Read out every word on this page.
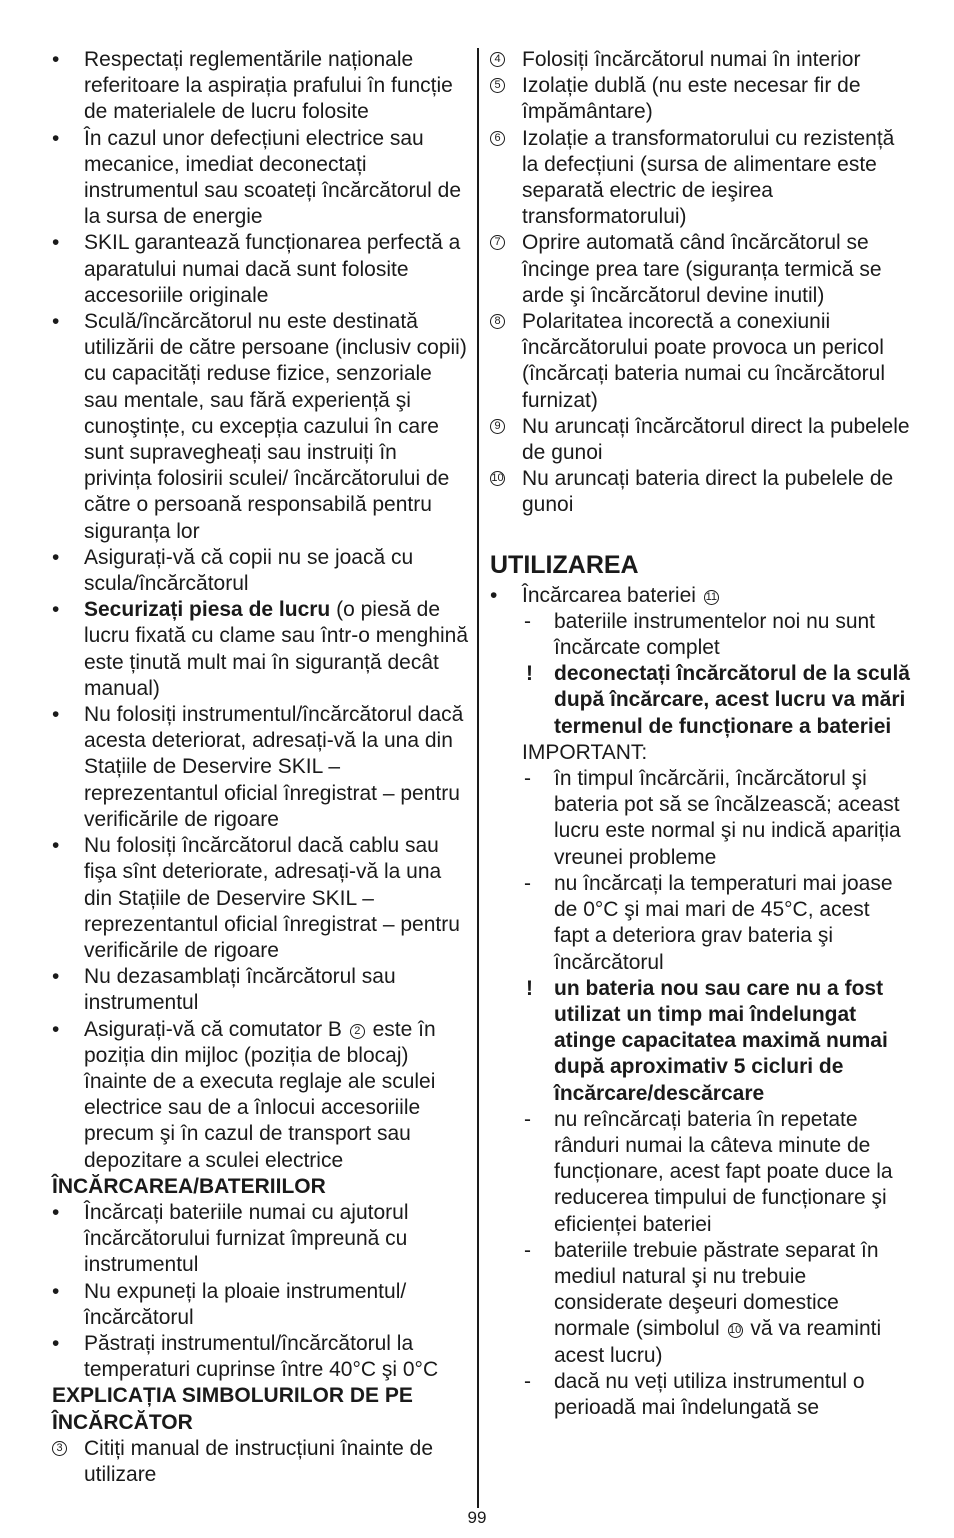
•	Respectați reglementările naționale referitoare la aspirația prafului în funcție de materialele de lucru folosite
•	În cazul unor defecțiuni electrice sau mecanice, imediat deconectați instrumentul sau scoateți încărcătorul de la sursa de energie
•	SKIL garantează funcționarea perfectă a aparatului numai dacă sunt folosite accesoriile originale
•	Sculă/încărcătorul nu este destinată utilizării de către persoane (inclusiv copii) cu capacități reduse fizice, senzoriale sau mentale, sau fără experiență şi cunoştințe, cu excepția cazului în care sunt supravegheați sau instruiți în privința folosirii sculei/ încărcătorului de către o persoană responsabilă pentru siguranța lor
•	Asigurați-vă că copii nu se joacă cu scula/încărcătorul
•	Securizați piesa de lucru (o piesă de lucru fixată cu clame sau într-o menghină este ținută mult mai în siguranță decât manual)
•	Nu folosiți instrumentul/încărcătorul dacă acesta deteriorat, adresați-vă la una din Stațiile de Deservire SKIL – reprezentantul oficial înregistrat – pentru verificările de rigoare
•	Nu folosiți încărcătorul dacă cablu sau fişa sînt deteriorate, adresați-vă la una din Stațiile de Deservire SKIL – reprezentantul oficial înregistrat – pentru verificările de rigoare
•	Nu dezasamblați încărcătorul sau instrumentul
•	Asigurați-vă că comutator B 2 este în poziția din mijloc (poziția de blocaj) înainte de a executa reglaje ale sculei electrice sau de a înlocui accesoriile precum şi în cazul de transport sau depozitare a sculei electrice
ÎNCĂRCAREA/BATERIILOR
•	Încărcați bateriile numai cu ajutorul încărcătorului furnizat împreună cu instrumentul
•	Nu expuneți la ploaie instrumentul/ încărcătorul
•	Păstrați instrumentul/încărcătorul la temperaturi cuprinse între 40°C şi 0°C
EXPLICAȚIA SIMBOLURILOR DE PE ÎNCĂRCĂTOR
3 Citiți manual de instrucțiuni înainte de utilizare
4 Folosiți încărcătorul numai în interior
5 Izolație dublă (nu este necesar fir de împământare)
6 Izolație a transformatorului cu rezistență la defecțiuni (sursa de alimentare este separată electric de ieşirea transformatorului)
7 Oprire automată când încărcătorul se încinge prea tare (siguranța termică se arde şi încărcătorul devine inutil)
8 Polaritatea incorectă a conexiunii încărcătorului poate provoca un pericol (încărcați bateria numai cu încărcătorul furnizat)
9 Nu aruncați încărcătorul direct la pubelele de gunoi
10 Nu aruncați bateria direct la pubelele de gunoi
UTILIZAREA
•	Încărcarea bateriei 11
-	bateriile instrumentelor noi nu sunt încărcate complet
!	deconectați încărcătorul de la sculă după încărcare, acest lucru va mări termenul de funcționare a bateriei
IMPORTANT:
-	în timpul încărcării, încărcătorul şi bateria pot să se încălzească; aceast lucru este normal şi nu indică apariția vreunei probleme
-	nu încărcați la temperaturi mai joase de 0°C şi mai mari de 45°C, acest fapt a deteriora grav bateria şi încărcătorul
!	un bateria nou sau care nu a fost utilizat un timp mai îndelungat atinge capacitatea maximă numai după aproximativ 5 cicluri de încărcare/descărcare
-	nu reîncărcați bateria în repetate rânduri numai la câteva minute de funcționare, acest fapt poate duce la reducerea timpului de funcționare şi eficienței bateriei
-	bateriile trebuie păstrate separat în mediul natural şi nu trebuie considerate deşeuri domestice normale (simbolul 10 vă va reaminti acest lucru)
-	dacă nu veți utiliza instrumentul o perioadă mai îndelungată se
99
